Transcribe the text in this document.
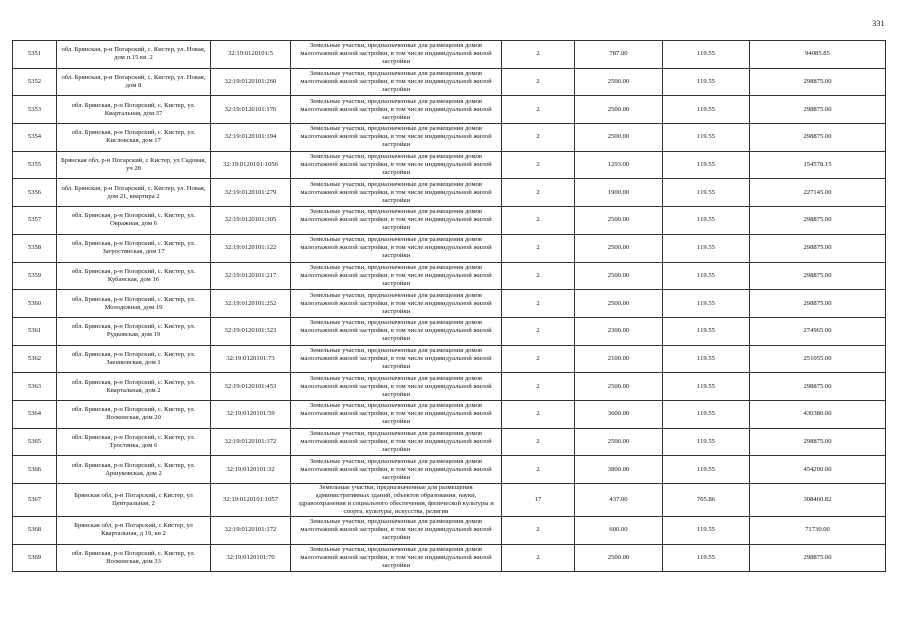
331
5351	обл. Брянская, р-н Погарский, с. Кистер, ул. Новая, дом п.15 кв. 2	32:19:0120101:5	Земельные участки, предназначенные для размещения домов малоэтажной жилой застройки, в том числе индивидуальной жилой застройки	2	787.00	119.55	94085.85
5352	обл. Брянская, р-н Погарский, с. Кистер, ул. Новая, дом 8	32:19:0120101:260	Земельные участки, предназначенные для размещения домов малоэтажной жилой застройки, в том числе индивидуальной жилой застройки	2	2500.00	119.55	298875.00
5353	обл. Брянская, р-н Погарский, с. Кистер, ул. Квартальная, дом 37	32:19:0120101:176	Земельные участки, предназначенные для размещения домов малоэтажной жилой застройки, в том числе индивидуальной жилой застройки	2	2500.00	119.55	298875.00
5354	обл. Брянская, р-н Погарский, с. Кистер, ул. Кисловская, дом 17	32:19:0120101:194	Земельные участки, предназначенные для размещения домов малоэтажной жилой застройки, в том числе индивидуальной жилой застройки	2	2500.00	119.55	298875.00
5355	Брянская обл, р-н Погарский, с Кистер, ул Садовая, уч 28	32:19:0120101:1056	Земельные участки, предназначенные для размещения домов малоэтажной жилой застройки, в том числе индивидуальной жилой застройки	2	1293.00	119.55	154578.15
5356	обл. Брянская, р-н Погарский, с. Кистер, ул. Новая, дом 21, квартира 2	32:19:0120101:279	Земельные участки, предназначенные для размещения домов малоэтажной жилой застройки, в том числе индивидуальной жилой застройки	2	1900.00	119.55	227145.00
5357	обл. Брянская, р-н Погарский, с. Кистер, ул. Овражная, дом 6	32:19:0120101:305	Земельные участки, предназначенные для размещения домов малоэтажной жилой застройки, в том числе индивидуальной жилой застройки	2	2500.00	119.55	298875.00
5358	обл. Брянская, р-н Погарский, с. Кистер, ул. Затростянская, дом 17	32:19:0120101:122	Земельные участки, предназначенные для размещения домов малоэтажной жилой застройки, в том числе индивидуальной жилой застройки	2	2500.00	119.55	298875.00
5359	обл. Брянская, р-н Погарский, с. Кистер, ул. Кубанская, дом 16	32:19:0120101:217	Земельные участки, предназначенные для размещения домов малоэтажной жилой застройки, в том числе индивидуальной жилой застройки	2	2500.00	119.55	298875.00
5360	обл. Брянская, р-н Погарский, с. Кистер, ул. Молодежная, дом 19	32:19:0120101:252	Земельные участки, предназначенные для размещения домов малоэтажной жилой застройки, в том числе индивидуальной жилой застройки	2	2500.00	119.55	298875.00
5361	обл. Брянская, р-н Погарский, с. Кистер, ул. Рудковская, дом 19	32:19:0120101:323	Земельные участки, предназначенные для размещения домов малоэтажной жилой застройки, в том числе индивидуальной жилой застройки	2	2300.00	119.55	274965.00
5362	обл. Брянская, р-н Погарский, с. Кистер, ул. Заешковская, дом 1	32:19:0120101:73	Земельные участки, предназначенные для размещения домов малоэтажной жилой застройки, в том числе индивидуальной жилой застройки	2	2100.00	119.55	251055.00
5363	обл. Брянская, р-н Погарский, с. Кистер, ул. Квартальная, дом 2	32:19:0120101:453	Земельные участки, предназначенные для размещения домов малоэтажной жилой застройки, в том числе индивидуальной жилой застройки	2	2500.00	119.55	298875.00
5364	обл. Брянская, р-н Погарский, с. Кистер, ул. Волконская, дом 20	32:19:0120101:59	Земельные участки, предназначенные для размещения домов малоэтажной жилой застройки, в том числе индивидуальной жилой застройки	2	3600.00	119.55	430380.00
5365	обл. Брянская, р-н Погарский, с. Кистер, ул. Тростянка, дом 6	32:19:0120101:372	Земельные участки, предназначенные для размещения домов малоэтажной жилой застройки, в том числе индивидуальной жилой застройки	2	2500.00	119.55	298875.00
5366	обл. Брянская, р-н Погарский, с. Кистер, ул. Аршуковская, дом 2	32:19:0120101:32	Земельные участки, предназначенные для размещения домов малоэтажной жилой застройки, в том числе индивидуальной жилой застройки	2	3800.00	119.55	454290.00
5367	Брянская обл, р-н Погарский, с Кистер, ул Центральная, 2	32:19:0120101:1057	Земельные участки, предназначенные для размещения административных зданий, объектов образования, науки, здравоохранения и социального обеспечения, физической культуры и спорта, культуры, искусства, религии	17	437.00	705.86	308460.82
5368	Брянская обл, р-н Погарский, с Кистер, ул Квартальная, д 19, кв 2	32:19:0120101:172	Земельные участки, предназначенные для размещения домов малоэтажной жилой застройки, в том числе индивидуальной жилой застройки	2	600.00	119.55	71730.00
5369	обл. Брянская, р-н Погарский, с. Кистер, ул. Волконская, дом 33	32:19:0120101:70	Земельные участки, предназначенные для размещения домов малоэтажной жилой застройки, в том числе индивидуальной жилой застройки	2	2500.00	119.55	298875.00
